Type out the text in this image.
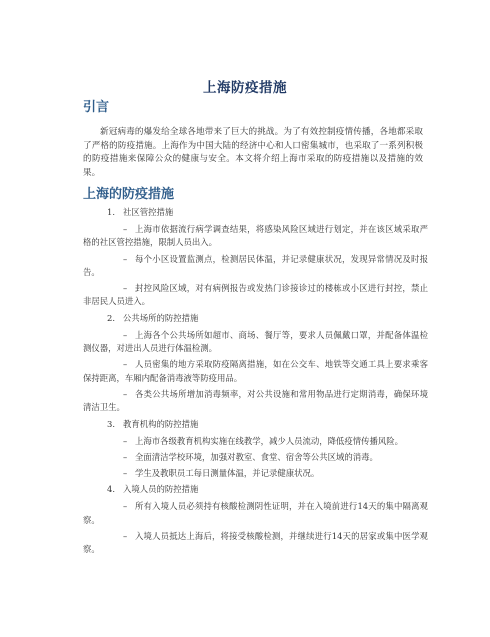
上海防疫措施
引言

新冠病毒的爆发给全球各地带来了巨大的挑战。为了有效控制疫情传播，各地都采取了严格的防疫措施。上海作为中国大陆的经济中心和人口密集城市，也采取了一系列积极的防疫措施来保障公众的健康与安全。本文将介绍上海市采取的防疫措施以及措施的效果。

上海的防疫措施
1. 社区管控措施
– 上海市依据流行病学调查结果，将感染风险区域进行划定，并在该区域采取严格的社区管控措施，限制人员出入。
– 每个小区设置监测点，检测居民体温，并记录健康状况，发现异常情况及时报告。
– 封控风险区域，对有病例报告或发热门诊接诊过的楼栋或小区进行封控，禁止非居民人员进入。
2. 公共场所的防控措施
– 上海各个公共场所如超市、商场、餐厅等，要求人员佩戴口罩，并配备体温检测仪器，对进出人员进行体温检测。
– 人员密集的地方采取防疫隔离措施，如在公交车、地铁等交通工具上要求乘客保持距离，车厢内配备消毒液等防疫用品。
– 各类公共场所增加消毒频率，对公共设施和常用物品进行定期消毒，确保环境清洁卫生。
3. 教育机构的防控措施
– 上海市各级教育机构实施在线教学，减少人员流动，降低疫情传播风险。
– 全面清洁学校环境，加强对教室、食堂、宿舍等公共区域的消毒。
– 学生及教职员工每日测量体温，并记录健康状况。
4. 入境人员的防控措施
– 所有入境人员必须持有核酸检测阴性证明，并在入境前进行14天的集中隔离观察。
– 入境人员抵达上海后，将接受核酸检测，并继续进行14天的居家或集中医学观察。
